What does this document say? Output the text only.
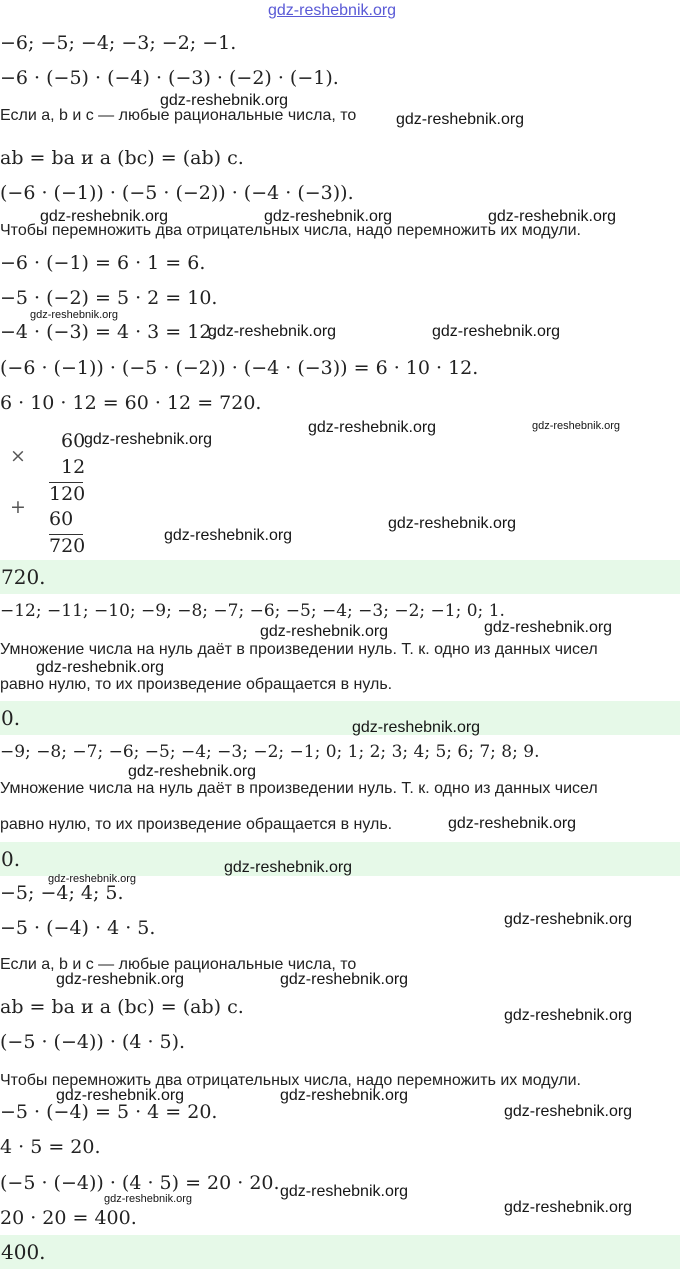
gdz-reshebnik.org
−6; −5; −4; −3; −2; −1.
−6 · (−5) · (−4) · (−3) · (−2) · (−1).
Если a, b и c — любые рациональные числа, то
ab = ba и a (bc) = (ab) c.
(−6 · (−1)) · (−5 · (−2)) · (−4 · (−3)).
Чтобы перемножить два отрицательных числа, надо перемножить их модули.
−6 · (−1) = 6 · 1 = 6.
−5 · (−2) = 5 · 2 = 10.
−4 · (−3) = 4 · 3 = 12.
(−6 · (−1)) · (−5 · (−2)) · (−4 · (−3)) = 6 · 10 · 12.
6 · 10 · 12 = 60 · 12 = 720.
×
60
12
120
+
60
720
720.
−12; −11; −10; −9; −8; −7; −6; −5; −4; −3; −2; −1; 0; 1.
Умножение числа на нуль даёт в произведении нуль. Т. к. одно из данных чисел
равно нулю, то их произведение обращается в нуль.
0.
−9; −8; −7; −6; −5; −4; −3; −2; −1; 0; 1; 2; 3; 4; 5; 6; 7; 8; 9.
Умножение числа на нуль даёт в произведении нуль. Т. к. одно из данных чисел
равно нулю, то их произведение обращается в нуль.
0.
−5; −4; 4; 5.
−5 · (−4) · 4 · 5.
Если a, b и c — любые рациональные числа, то
ab = ba и a (bc) = (ab) c.
(−5 · (−4)) · (4 · 5).
Чтобы перемножить два отрицательных числа, надо перемножить их модули.
−5 · (−4) = 5 · 4 = 20.
4 · 5 = 20.
(−5 · (−4)) · (4 · 5) = 20 · 20.
20 · 20 = 400.
400.
gdz-reshebnik.org
gdz-reshebnik.org
gdz-reshebnik.org	gdz-reshebnik.org	gdz-reshebnik.org
gdz-reshebnik.org
gdz-reshebnik.org	gdz-reshebnik.org
gdz-reshebnik.org	gdz-reshebnik.org
gdz-reshebnik.org
gdz-reshebnik.org
gdz-reshebnik.org
gdz-reshebnik.org
gdz-reshebnik.org
gdz-reshebnik.org
gdz-reshebnik.org
gdz-reshebnik.org
gdz-reshebnik.org
gdz-reshebnik.org
gdz-reshebnik.org
gdz-reshebnik.org
gdz-reshebnik.org	gdz-reshebnik.org
gdz-reshebnik.org
gdz-reshebnik.org	gdz-reshebnik.org
gdz-reshebnik.org
gdz-reshebnik.org
gdz-reshebnik.org	gdz-reshebnik.org
